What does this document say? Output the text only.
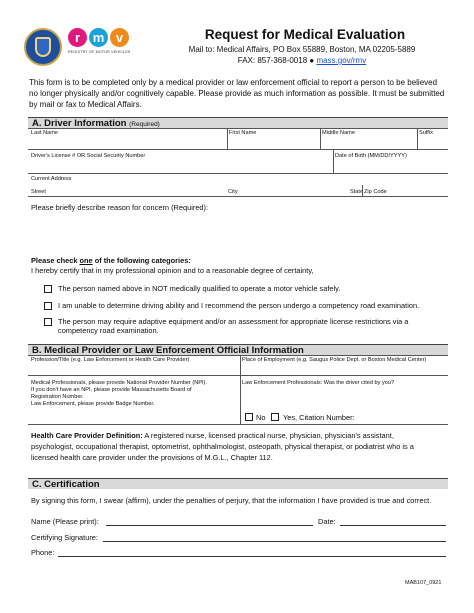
r m v
REGISTRY OF MOTOR VEHICLES
Request for Medical Evaluation
Mail to: Medical Affairs, PO Box 55889, Boston, MA 02205-5889
FAX: 857-368-0018 ● mass.gov/rmv
This form is to be completed only by a medical provider or law enforcement official to report a person to be believed no longer physically and/or cognitively capable. Please provide as much information as possible. It must be submitted by mail or fax to Medical Affairs.
A. Driver Information (Required)
Last Name	First Name	Middle Name	Suffix
Driver's License # OR Social Security Number	Date of Birth (MM/DD/YYYY)
Current Address
Street	City	State Zip Code
Please briefly describe reason for concern (Required):
Please check one of the following categories:
I hereby certify that in my professional opinion and to a reasonable degree of certainty,
The person named above in NOT medically qualified to operate a motor vehicle safely.
I am unable to determine driving ability and I recommend the person undergo a competency road examination.
The person may require adaptive equipment and/or an assessment for appropriate license restrictions via a
competency road examination.
B. Medical Provider or Law Enforcement Official Information
Profession/Title (e.g. Law Enforcement or Health Care Provider)	Place of Employment (e.g. Saugus Police Dept. or Boston Medical Center)
Medical Professionals, please provide National Provider Number (NPI).
If you don't have an NPI, please provide Massachusetts Board of
Registration Number.
Law Enforcement, please provide Badge Number.
Law Enforcement Professionals: Was the driver cited by you?
No Yes, Citation Number:
Health Care Provider Definition: A registered nurse, licensed practical nurse, physician, physician's assistant,
psychologist, occupational therapist, optometrist, ophthalmologist, osteopath, physical therapist, or podiatrist who is a
licensed health care provider under the provisions of M.G.L., Chapter 112.
C. Certification
By signing this form, I swear (affirm), under the penalties of perjury, that the information I have provided is true and correct.
Name (Please print):	Date:
Certifying Signature:
Phone:
MAB107_0921
